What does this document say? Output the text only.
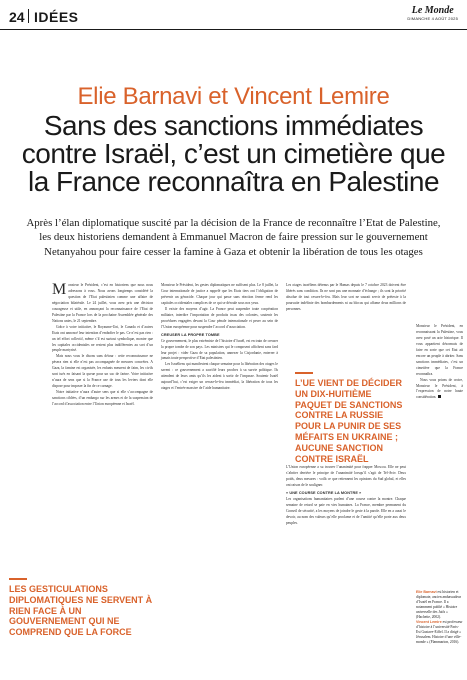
24 IDÉES	Le Monde
DIMANCHE 4 AOÛT 2025
Elie Barnavi et Vincent Lemire
Sans des sanctions immédiates
contre Israël, c’est un cimetière que
la France reconnaîtra en Palestine
Après l’élan diplomatique suscité par la décision de la France de reconnaître l’Etat de Palestine, les deux historiens demandent à Emmanuel Macron de faire pression sur le gouvernement Netanyahou pour faire cesser la famine à Gaza et obtenir la libération de tous les otages

Monsieur le Président, c’est en historiens que nous nous adressons à vous. Nous avons longtemps considéré la question de l’Etat palestinien comme une affaire de négociation bilatérale. Le 24 juillet, vous avez pris une décision courageuse et utile, en annonçant la reconnaissance de l’Etat de Palestine par la France lors de la prochaine Assemblée générale des Nations unies, le 21 septembre.

Grâce à votre initiative, le Royaume-Uni, le Canada et d’autres Etats ont annoncé leur intention d’emboîter le pas. Ce n’est pas rien : un tel effort collectif, même s’il est surtout symbolique, montre que les capitales occidentales ne restent plus indifférentes au sort d’un peuple martyrisé.

Mais nous vous le disons sans détour : cette reconnaissance ne pèsera rien si elle n’est pas accompagnée de mesures concrètes. A Gaza, la famine est organisée, les enfants meurent de faim, les civils sont tués en faisant la queue pour un sac de farine. Votre initiative n’aura de sens que si la France use de tous les leviers dont elle dispose pour imposer la fin de ce carnage.

Notre initiative n’aura d’autre sens que si elle s’accompagne de sanctions ciblées, d’un embargo sur les armes et de la suspension de l’accord d’association entre l’Union européenne et Israël.

Monsieur le Président, les gestes diplomatiques ne suffisent plus. Le 8 juillet, la Cour internationale de justice a rappelé que les Etats tiers ont l’obligation de prévenir un génocide. Chaque jour qui passe sans réaction ferme rend les capitales occidentales complices de ce qui se déroule sous nos yeux.

Il existe des moyens d’agir. La France peut suspendre toute coopération militaire, interdire l’importation de produits issus des colonies, soutenir les procédures engagées devant la Cour pénale internationale et peser au sein de l’Union européenne pour suspendre l’accord d’association.

CREUSER LA PROPRE TOMBE

Ce gouvernement, le plus extrémiste de l’histoire d’Israël, est en train de creuser la propre tombe de son pays. Les ministres qui le composent affichent sans fard leur projet : vider Gaza de sa population, annexer la Cisjordanie, enterrer à jamais toute perspective d’Etat palestinien.

Les Israéliens qui manifestent chaque semaine pour la libération des otages le savent : ce gouvernement a sacrifié leurs proches à sa survie politique. Ils attendent de leurs amis qu’ils les aident à sortir de l’impasse. Soutenir Israël aujourd’hui, c’est exiger un cessez-le-feu immédiat, la libération de tous les otages et l’entrée massive de l’aide humanitaire.

Les otages israéliens détenus par le Hamas depuis le 7 octobre 2023 doivent être libérés sans condition. Ils ne sont pas une monnaie d’échange ; ils sont la priorité absolue de tout cessez-le-feu. Mais leur sort ne saurait servir de prétexte à la poursuite indéfinie des bombardements ni au blocus qui affame deux millions de personnes.

L’UE VIENT DE DÉCIDER UN DIX-HUITIÈME PAQUET DE SANCTIONS CONTRE LA RUSSIE POUR LA PUNIR DE SES MÉFAITS EN UKRAINE ; AUCUNE SANCTION CONTRE ISRAËL

L’Union européenne a su trouver l’unanimité pour frapper Moscou. Elle ne peut s’abriter derrière le principe de l’unanimité lorsqu’il s’agit de Tel-Aviv. Deux poids, deux mesures : voilà ce que retiennent les opinions du Sud global, et elles ont raison de le souligner.

« UNE COURSE CONTRE LA MONTRE »

Les organisations humanitaires parlent d’une course contre la montre. Chaque semaine de retard se paie en vies humaines. La France, membre permanent du Conseil de sécurité, a les moyens de joindre le geste à la parole. Elle en a aussi le devoir, au nom des valeurs qu’elle proclame et de l’amitié qu’elle porte aux deux peuples.

Monsieur le Président, en reconnaissant la Palestine, vous avez posé un acte historique. Il vous appartient désormais de faire en sorte que cet Etat ait encore un peuple à abriter. Sans sanctions immédiates, c’est un cimetière que la France reconnaîtra.

Nous vous prions de croire, Monsieur le Président, à l’expression de notre haute considération.

LES GESTICULATIONS DIPLOMATIQUES NE SERVENT À RIEN FACE À UN GOUVERNEMENT QUI NE COMPREND QUE LA FORCE

Elie Barnavi est historien et diplomate, ancien ambassadeur d’Israël en France. Il a notamment publié « Histoire universelle des Juifs » (Hachette, 2002).

Vincent Lemire est professeur d’histoire à l’université Paris-Est Gustave-Eiffel. Il a dirigé « Jérusalem. Histoire d’une ville-monde » (Flammarion, 2016).
